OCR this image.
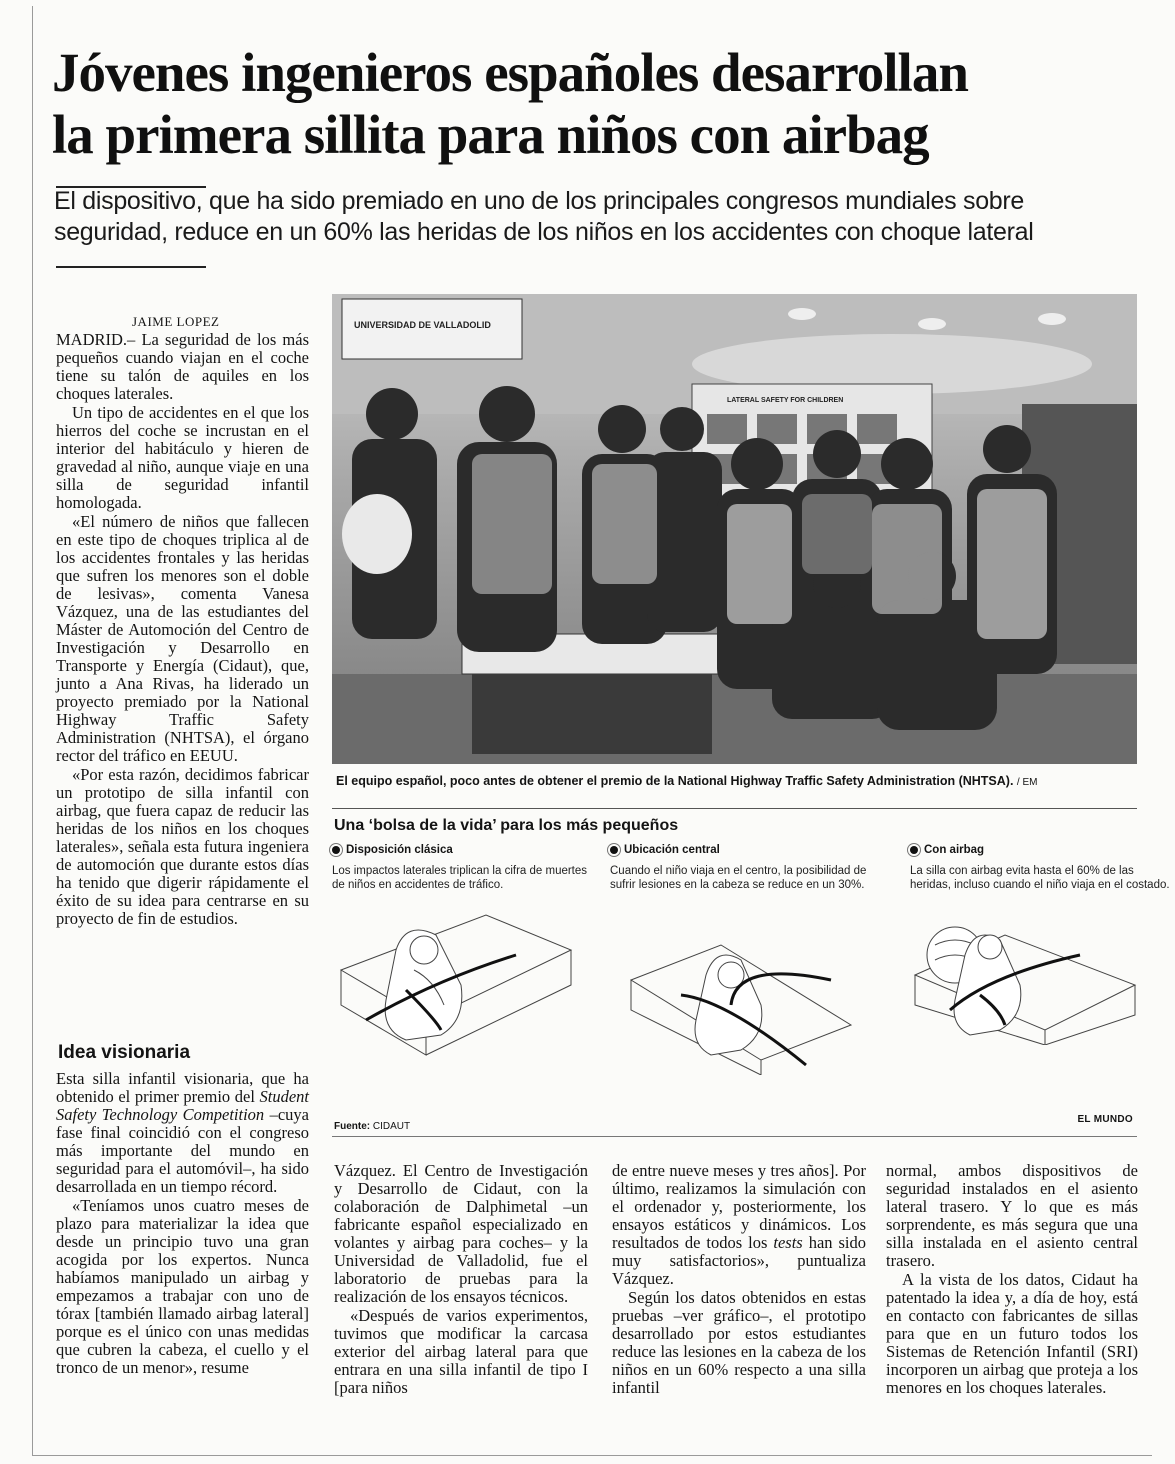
Jóvenes ingenieros españoles desarrollan
la primera sillita para niños con airbag

El dispositivo, que ha sido premiado en uno de los principales congresos mundiales sobre seguridad, reduce en un 60% las heridas de los niños en los accidentes con choque lateral

JAIME LOPEZ

MADRID.– La seguridad de los más pequeños cuando viajan en el coche tiene su talón de aquiles en los choques laterales.

Un tipo de accidentes en el que los hierros del coche se incrustan en el interior del habitáculo y hieren de gravedad al niño, aunque viaje en una silla de seguridad infantil homologada.

«El número de niños que fallecen en este tipo de choques triplica al de los accidentes frontales y las heridas que sufren los menores son el doble de lesivas», comenta Vanesa Vázquez, una de las estudiantes del Máster de Automoción del Centro de Investigación y Desarrollo en Transporte y Energía (Cidaut), que, junto a Ana Rivas, ha liderado un proyecto premiado por la National Highway Traffic Safety Administration (NHTSA), el órgano rector del tráfico en EEUU.

«Por esta razón, decidimos fabricar un prototipo de silla infantil con airbag, que fuera capaz de reducir las heridas de los niños en los choques laterales», señala esta futura ingeniera de automoción que durante estos días ha tenido que digerir rápidamente el éxito de su idea para centrarse en su proyecto de fin de estudios.

Idea visionaria

Esta silla infantil visionaria, que ha obtenido el primer premio del Student Safety Technology Competition –cuya fase final coincidió con el congreso más importante del mundo en seguridad para el automóvil–, ha sido desarrollada en un tiempo récord.

«Teníamos unos cuatro meses de plazo para materializar la idea que desde un principio tuvo una gran acogida por los expertos. Nunca habíamos manipulado un airbag y empezamos a trabajar con uno de tórax [también llamado airbag lateral] porque es el único con unas medidas que cubren la cabeza, el cuello y el tronco de un menor», resume

Vázquez. El Centro de Investigación y Desarrollo de Cidaut, con la colaboración de Dalphimetal –un fabricante español especializado en volantes y airbag para coches– y la Universidad de Valladolid, fue el laboratorio de pruebas para la realización de los ensayos técnicos.

«Después de varios experimentos, tuvimos que modificar la carcasa exterior del airbag lateral para que entrara en una silla infantil de tipo I [para niños

de entre nueve meses y tres años]. Por último, realizamos la simulación con el ordenador y, posteriormente, los ensayos estáticos y dinámicos. Los resultados de todos los tests han sido muy satisfactorios», puntualiza Vázquez.

Según los datos obtenidos en estas pruebas –ver gráfico–, el prototipo desarrollado por estos estudiantes reduce las lesiones en la cabeza de los niños en un 60% respecto a una silla infantil

normal, ambos dispositivos de seguridad instalados en el asiento lateral trasero. Y lo que es más sorprendente, es más segura que una silla instalada en el asiento central trasero.

A la vista de los datos, Cidaut ha patentado la idea y, a día de hoy, está en contacto con fabricantes de sillas para que en un futuro todos los Sistemas de Retención Infantil (SRI) incorporen un airbag que proteja a los menores en los choques laterales.

UNIVERSIDAD DE VALLADOLID
LATERAL SAFETY FOR CHILDREN
El equipo español, poco antes de obtener el premio de la National Highway Traffic Safety Administration (NHTSA). / EM
Una ‘bolsa de la vida’ para los más pequeños
Disposición clásica
Los impactos laterales triplican la cifra de muertes de niños en accidentes de tráfico.
Ubicación central
Cuando el niño viaja en el centro, la posibilidad de sufrir lesiones en la cabeza se reduce en un 30%.
Con airbag
La silla con airbag evita hasta el 60% de las heridas, incluso cuando el niño viaja en el costado.
Fuente: CIDAUT
EL MUNDO
